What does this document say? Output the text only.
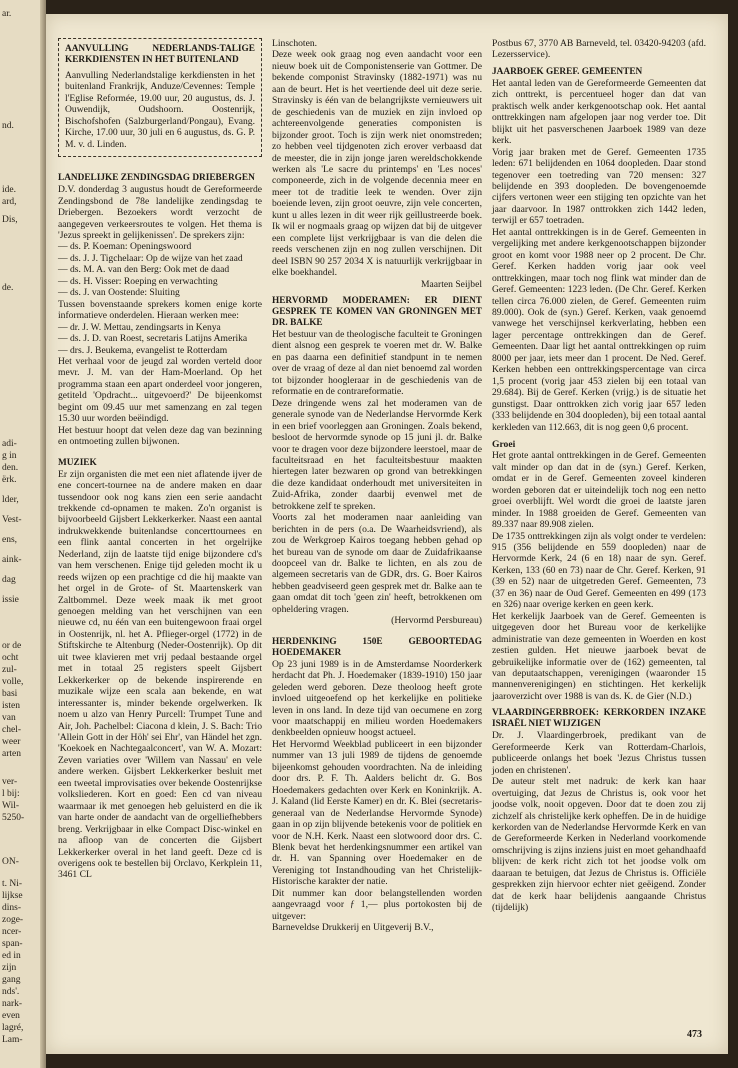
ar.
nd.
ide.
ard,
Dis,
de.
adi-
g in
den.
ërk.
lder,
Vest-
ens,
aink-
dag
issie
or de
ocht
zul-
volle,
basi
isten
van
chel-
weer
arten
ver-
l bij:
Wil-
5250-
ON-
t. Ni-
lijkse
dins-
zoge-
ncer-
span-
ed in
zijn
gang
nds'.
nark-
even
lagré,
Lam-

AANVULLING NEDERLANDS-TALIGE KERKDIENSTEN IN HET BUITENLAND

Aanvulling Nederlandstalige kerkdiensten in het buitenland Frankrijk, Anduze/Cevennes: Temple l'Eglise Reformée, 19.00 uur, 20 augustus, ds. J. Ouwendijk, Oudshoorn. Oostenrijk, Bischofshofen (Salzburgerland/Pongau), Evang. Kirche, 17.00 uur, 30 juli en 6 augustus, ds. G. P. M. v. d. Linden.

LANDELIJKE ZENDINGSDAG DRIEBERGEN

D.V. donderdag 3 augustus houdt de Gereformeerde Zendingsbond de 78e landelijke zendingsdag te Driebergen. Bezoekers wordt verzocht de aangegeven verkeersroutes te volgen. Het thema is 'Jezus spreekt in gelijkenissen'. De sprekers zijn:

— ds. P. Koeman: Openingswoord

— ds. J. J. Tigchelaar: Op de wijze van het zaad

— ds. M. A. van den Berg: Ook met de daad

— ds. H. Visser: Roeping en verwachting

— ds. J. van Oostende: Sluiting

Tussen bovenstaande sprekers komen enige korte informatieve onderdelen. Hieraan werken mee:

— dr. J. W. Mettau, zendingsarts in Kenya

— ds. J. D. van Roest, secretaris Latijns Amerika

— drs. J. Beukema, evangelist te Rotterdam

Het verhaal voor de jeugd zal worden verteld door mevr. J. M. van der Ham-Moerland. Op het programma staan een apart onderdeel voor jongeren, getiteld 'Opdracht... uitgevoerd?' De bijeenkomst begint om 09.45 uur met samenzang en zal tegen 15.30 uur worden beëindigd.

Het bestuur hoopt dat velen deze dag van bezinning en ontmoeting zullen bijwonen.

MUZIEK

Er zijn organisten die met een niet aflatende ijver de ene concert-tournee na de andere maken en daar tussendoor ook nog kans zien een serie aandacht trekkende cd-opnamen te maken. Zo'n organist is bijvoorbeeld Gijsbert Lekkerkerker. Naast een aantal indrukwekkende buitenlandse concerttournees en een flink aantal concerten in het orgelrijke Nederland, zijn de laatste tijd enige bijzondere cd's van hem verschenen. Enige tijd geleden mocht ik u reeds wijzen op een prachtige cd die hij maakte van het orgel in de Grote- of St. Maartenskerk van Zaltbommel. Deze week maak ik met groot genoegen melding van het verschijnen van een nieuwe cd, nu één van een buitengewoon fraai orgel in Oostenrijk, nl. het A. Pflieger-orgel (1772) in de Stiftskirche te Altenburg (Neder-Oostenrijk). Op dit uit twee klavieren met vrij pedaal bestaande orgel met in totaal 25 registers speelt Gijsbert Lekkerkerker op de bekende inspirerende en muzikale wijze een scala aan bekende, en wat interessanter is, minder bekende orgelwerken. Ik noem u alzo van Henry Purcell: Trumpet Tune and Air, Joh. Pachelbel: Ciacona d klein, J. S. Bach: Trio 'Allein Gott in der Höh' sei Ehr', van Händel het zgn. 'Koekoek en Nachtegaalconcert', van W. A. Mozart: Zeven variaties over 'Willem van Nassau' en vele andere werken. Gijsbert Lekkerkerker besluit met een tweetal improvisaties over bekende Oostenrijkse volksliederen. Kort en goed: Een cd van niveau waarmaar ik met genoegen heb geluisterd en die ik van harte onder de aandacht van de orgelliefhebbers breng. Verkrijgbaar in elke Compact Disc-winkel en na afloop van de concerten die Gijsbert Lekkerkerker overal in het land geeft. Deze cd is overigens ook te bestellen bij Orclavo, Kerkplein 11, 3461 CL

Linschoten.

Deze week ook graag nog even aandacht voor een nieuw boek uit de Componistenserie van Gottmer. De bekende componist Stravinsky (1882-1971) was nu aan de beurt. Het is het veertiende deel uit deze serie. Stravinsky is één van de belangrijkste vernieuwers uit de geschiedenis van de muziek en zijn invloed op achtereenvolgende generaties componisten is bijzonder groot. Toch is zijn werk niet onomstreden; zo hebben veel tijdgenoten zich erover verbaasd dat de meester, die in zijn jonge jaren wereldschokkende werken als 'Le sacre du printemps' en 'Les noces' componeerde, zich in de volgende decennia meer en meer tot de traditie leek te wenden. Over zijn boeiende leven, zijn groot oeuvre, zijn vele concerten, kunt u alles lezen in dit weer rijk geïllustreerde boek. Ik wil er nogmaals graag op wijzen dat bij de uitgever een complete lijst verkrijgbaar is van die delen die reeds verschenen zijn en nog zullen verschijnen. Dit deel ISBN 90 257 2034 X is natuurlijk verkrijgbaar in elke boekhandel.

Maarten Seijbel

HERVORMD MODERAMEN: ER DIENT GESPREK TE KOMEN VAN GRONINGEN MET DR. BALKE

Het bestuur van de theologische faculteit te Groningen dient alsnog een gesprek te voeren met dr. W. Balke en pas daarna een definitief standpunt in te nemen over de vraag of deze al dan niet benoemd zal worden tot bijzonder hoogleraar in de geschiedenis van de reformatie en de contrareformatie.

Deze dringende wens zal het moderamen van de generale synode van de Nederlandse Hervormde Kerk in een brief voorleggen aan Groningen. Zoals bekend, besloot de hervormde synode op 15 juni jl. dr. Balke voor te dragen voor deze bijzondere leerstoel, maar de faculteitsraad en het faculteitsbestuur maakten hiertegen later bezwaren op grond van betrekkingen die deze kandidaat onderhoudt met universiteiten in Zuid-Afrika, zonder daarbij evenwel met de betrokkene zelf te spreken.

Voorts zal het moderamen naar aanleiding van berichten in de pers (o.a. De Waarheidsvriend), als zou de Werkgroep Kairos toegang hebben gehad op het bureau van de synode om daar de Zuidafrikaanse doopceel van dr. Balke te lichten, en als zou de algemeen secretaris van de GDR, drs. G. Boer Kairos hebben geadviseerd geen gesprek met dr. Balke aan te gaan omdat dit toch 'geen zin' heeft, betrokkenen om opheldering vragen.

(Hervormd Persbureau)

HERDENKING 150E GEBOORTEDAG HOEDEMAKER

Op 23 juni 1989 is in de Amsterdamse Noorderkerk herdacht dat Ph. J. Hoedemaker (1839-1910) 150 jaar geleden werd geboren. Deze theoloog heeft grote invloed uitgeoefend op het kerkelijke en politieke leven in ons land. In deze tijd van oecumene en zorg voor maatschappij en milieu worden Hoedemakers denkbeelden opnieuw hoogst actueel.

Het Hervormd Weekblad publiceert in een bijzonder nummer van 13 juli 1989 de tijdens de genoemde bijeenkomst gehouden voordrachten. Na de inleiding door drs. P. F. Th. Aalders belicht dr. G. Bos Hoedemakers gedachten over Kerk en Koninkrijk. A. J. Kaland (lid Eerste Kamer) en dr. K. Blei (secretaris-generaal van de Nederlandse Hervormde Synode) gaan in op zijn blijvende betekenis voor de politiek en voor de N.H. Kerk. Naast een slotwoord door drs. C. Blenk bevat het herdenkingsnummer een artikel van dr. H. van Spanning over Hoedemaker en de Vereniging tot Instandhouding van het Christelijk-Historische karakter der natie.

Dit nummer kan door belangstellenden worden aangevraagd voor ƒ 1,— plus portokosten bij de uitgever:

Barneveldse Drukkerij en Uitgeverij B.V.,

Postbus 67, 3770 AB Barneveld, tel. 03420-94203 (afd. Lezersservice).

JAARBOEK GEREF. GEMEENTEN

Het aantal leden van de Gereformeerde Gemeenten dat zich onttrekt, is percentueel hoger dan dat van praktisch welk ander kerkgenootschap ook. Het aantal onttrekkingen nam afgelopen jaar nog verder toe. Dit blijkt uit het pasverschenen Jaarboek 1989 van deze kerk.

Vorig jaar braken met de Geref. Gemeenten 1735 leden: 671 belijdenden en 1064 doopleden. Daar stond tegenover een toetreding van 720 mensen: 327 belijdende en 393 doopleden. De bovengenoemde cijfers vertonen weer een stijging ten opzichte van het jaar daarvoor. In 1987 onttrokken zich 1442 leden, terwijl er 657 toetraden.

Het aantal onttrekkingen is in de Geref. Gemeenten in vergelijking met andere kerkgenootschappen bijzonder groot en komt voor 1988 neer op 2 procent. De Chr. Geref. Kerken hadden vorig jaar ook veel onttrekkingen, maar toch nog flink wat minder dan de Geref. Gemeenten: 1223 leden. (De Chr. Geref. Kerken tellen circa 76.000 zielen, de Geref. Gemeenten ruim 89.000). Ook de (syn.) Geref. Kerken, vaak genoemd vanwege het verschijnsel kerkverlating, hebben een lager percentage onttrekkingen dan de Geref. Gemeenten. Daar ligt het aantal onttrekkingen op ruim 8000 per jaar, iets meer dan 1 procent. De Ned. Geref. Kerken hebben een onttrekkingspercentage van circa 1,5 procent (vorig jaar 453 zielen bij een totaal van 29.684). Bij de Geref. Kerken (vrijg.) is de situatie het gunstigst. Daar onttrokken zich vorig jaar 657 leden (333 belijdende en 304 doopleden), bij een totaal aantal kerkleden van 112.663, dit is nog geen 0,6 procent.

Groei

Het grote aantal onttrekkingen in de Geref. Gemeenten valt minder op dan dat in de (syn.) Geref. Kerken, omdat er in de Geref. Gemeenten zoveel kinderen worden geboren dat er uiteindelijk toch nog een netto groei overblijft. Wel wordt die groei de laatste jaren minder. In 1988 groeiden de Geref. Gemeenten van 89.337 naar 89.908 zielen.

De 1735 onttrekkingen zijn als volgt onder te verdelen: 915 (356 belijdende en 559 doopleden) naar de Hervormde Kerk, 24 (6 en 18) naar de syn. Geref. Kerken, 133 (60 en 73) naar de Chr. Geref. Kerken, 91 (39 en 52) naar de uitgetreden Geref. Gemeenten, 73 (37 en 36) naar de Oud Geref. Gemeenten en 499 (173 en 326) naar overige kerken en geen kerk.

Het kerkelijk Jaarboek van de Geref. Gemeenten is uitgegeven door het Bureau voor de kerkelijke administratie van deze gemeenten in Woerden en kost zestien gulden. Het nieuwe jaarboek bevat de gebruikelijke informatie over de (162) gemeenten, tal van deputaatschappen, verenigingen (waaronder 15 mannenverenigingen) en stichtingen. Het kerkelijk jaaroverzicht over 1988 is van ds. K. de Gier (N.D.)

VLAARDINGERBROEK: KERKORDEN INZAKE ISRAËL NIET WIJZIGEN

Dr. J. Vlaardingerbroek, predikant van de Gereformeerde Kerk van Rotterdam-Charlois, publiceerde onlangs het boek 'Jezus Christus tussen joden en christenen'.

De auteur stelt met nadruk: de kerk kan haar overtuiging, dat Jezus de Christus is, ook voor het joodse volk, nooit opgeven. Door dat te doen zou zij zichzelf als christelijke kerk opheffen. De in de huidige kerkorden van de Nederlandse Hervormde Kerk en van de Gereformeerde Kerken in Nederland voorkomende omschrijving is zijns inziens juist en moet gehandhaafd blijven: de kerk richt zich tot het joodse volk om daaraan te betuigen, dat Jezus de Christus is. Officiële gesprekken zijn hiervoor echter niet geëigend. Zonder dat de kerk haar belijdenis aangaande Christus (tijdelijk)

473
